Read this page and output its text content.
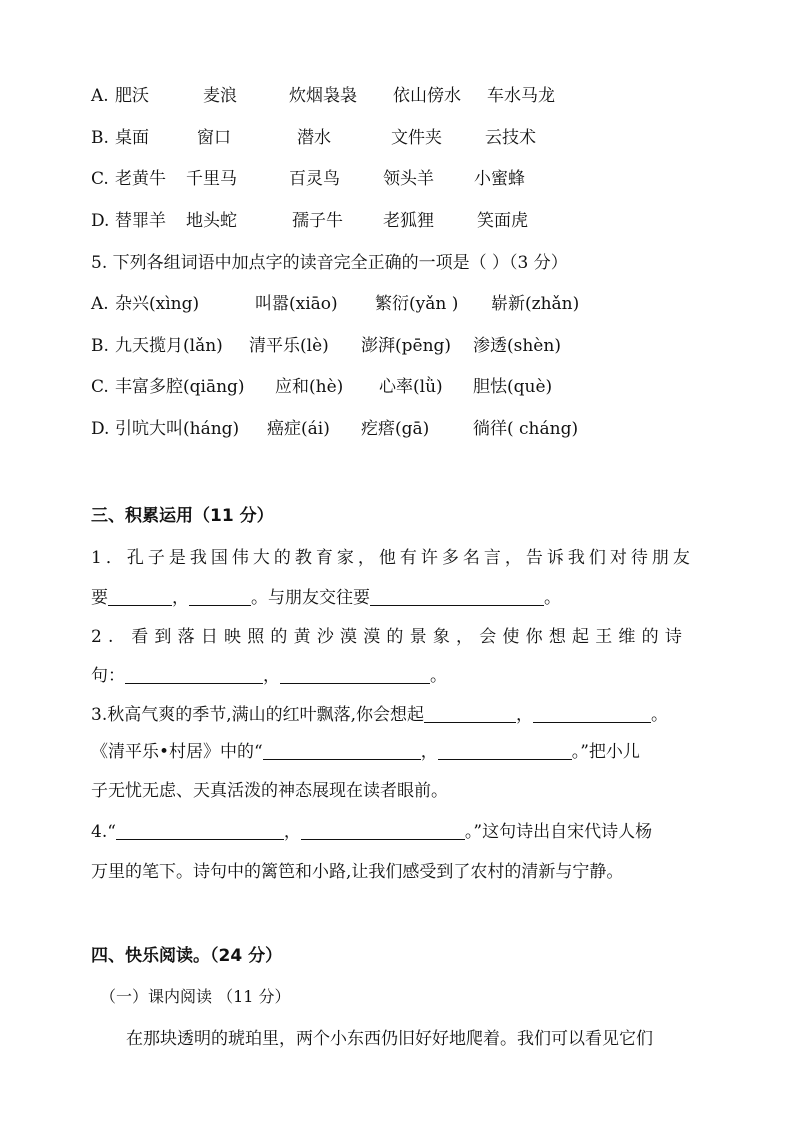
A. 肥沃	麦浪	炊烟袅袅 依山傍水 车水马龙
B. 桌面	窗口	潜水	文件夹	云技术
C. 老黄牛 千里马	百灵鸟	领头羊 小蜜蜂
D. 替罪羊 地头蛇	孺子牛 老狐狸	笑面虎
5. 下列各组词语中加点字的读音完全正确的一项是（ ）（3 分）
A. 杂兴(xìng)	叫嚣(xiāo) 繁衍(yǎn ) 崭新(zhǎn)
B. 九天揽月(lǎn) 清平乐(lè) 澎湃(pēng) 渗透(shèn)
C. 丰富多腔(qiāng) 应和(hè) 心率(lǜ) 胆怯(què)
D. 引吭大叫(háng) 癌症(ái) 疙瘩(gā)	徜徉( cháng)
三、积累运用（11 分）
1．孔子是我国伟大的教育家，他有许多名言，告诉我们对待朋友
要	，	。与朋友交往要	。
2. 看到落日映照的黄沙漠漠的景象，会使你想起王维的诗
句：	，	。
3.秋高气爽的季节,满山的红叶飘落,你会想起	，	。
《清平乐•村居》中的“	，	。”把小儿
子无忧无虑、天真活泼的神态展现在读者眼前。
4.“	，	。”这句诗出自宋代诗人杨
万里的笔下。诗句中的篱笆和小路,让我们感受到了农村的清新与宁静。
四、快乐阅读。（24 分）
（一）课内阅读 （11 分）
在那块透明的琥珀里，两个小东西仍旧好好地爬着。我们可以看见它们
